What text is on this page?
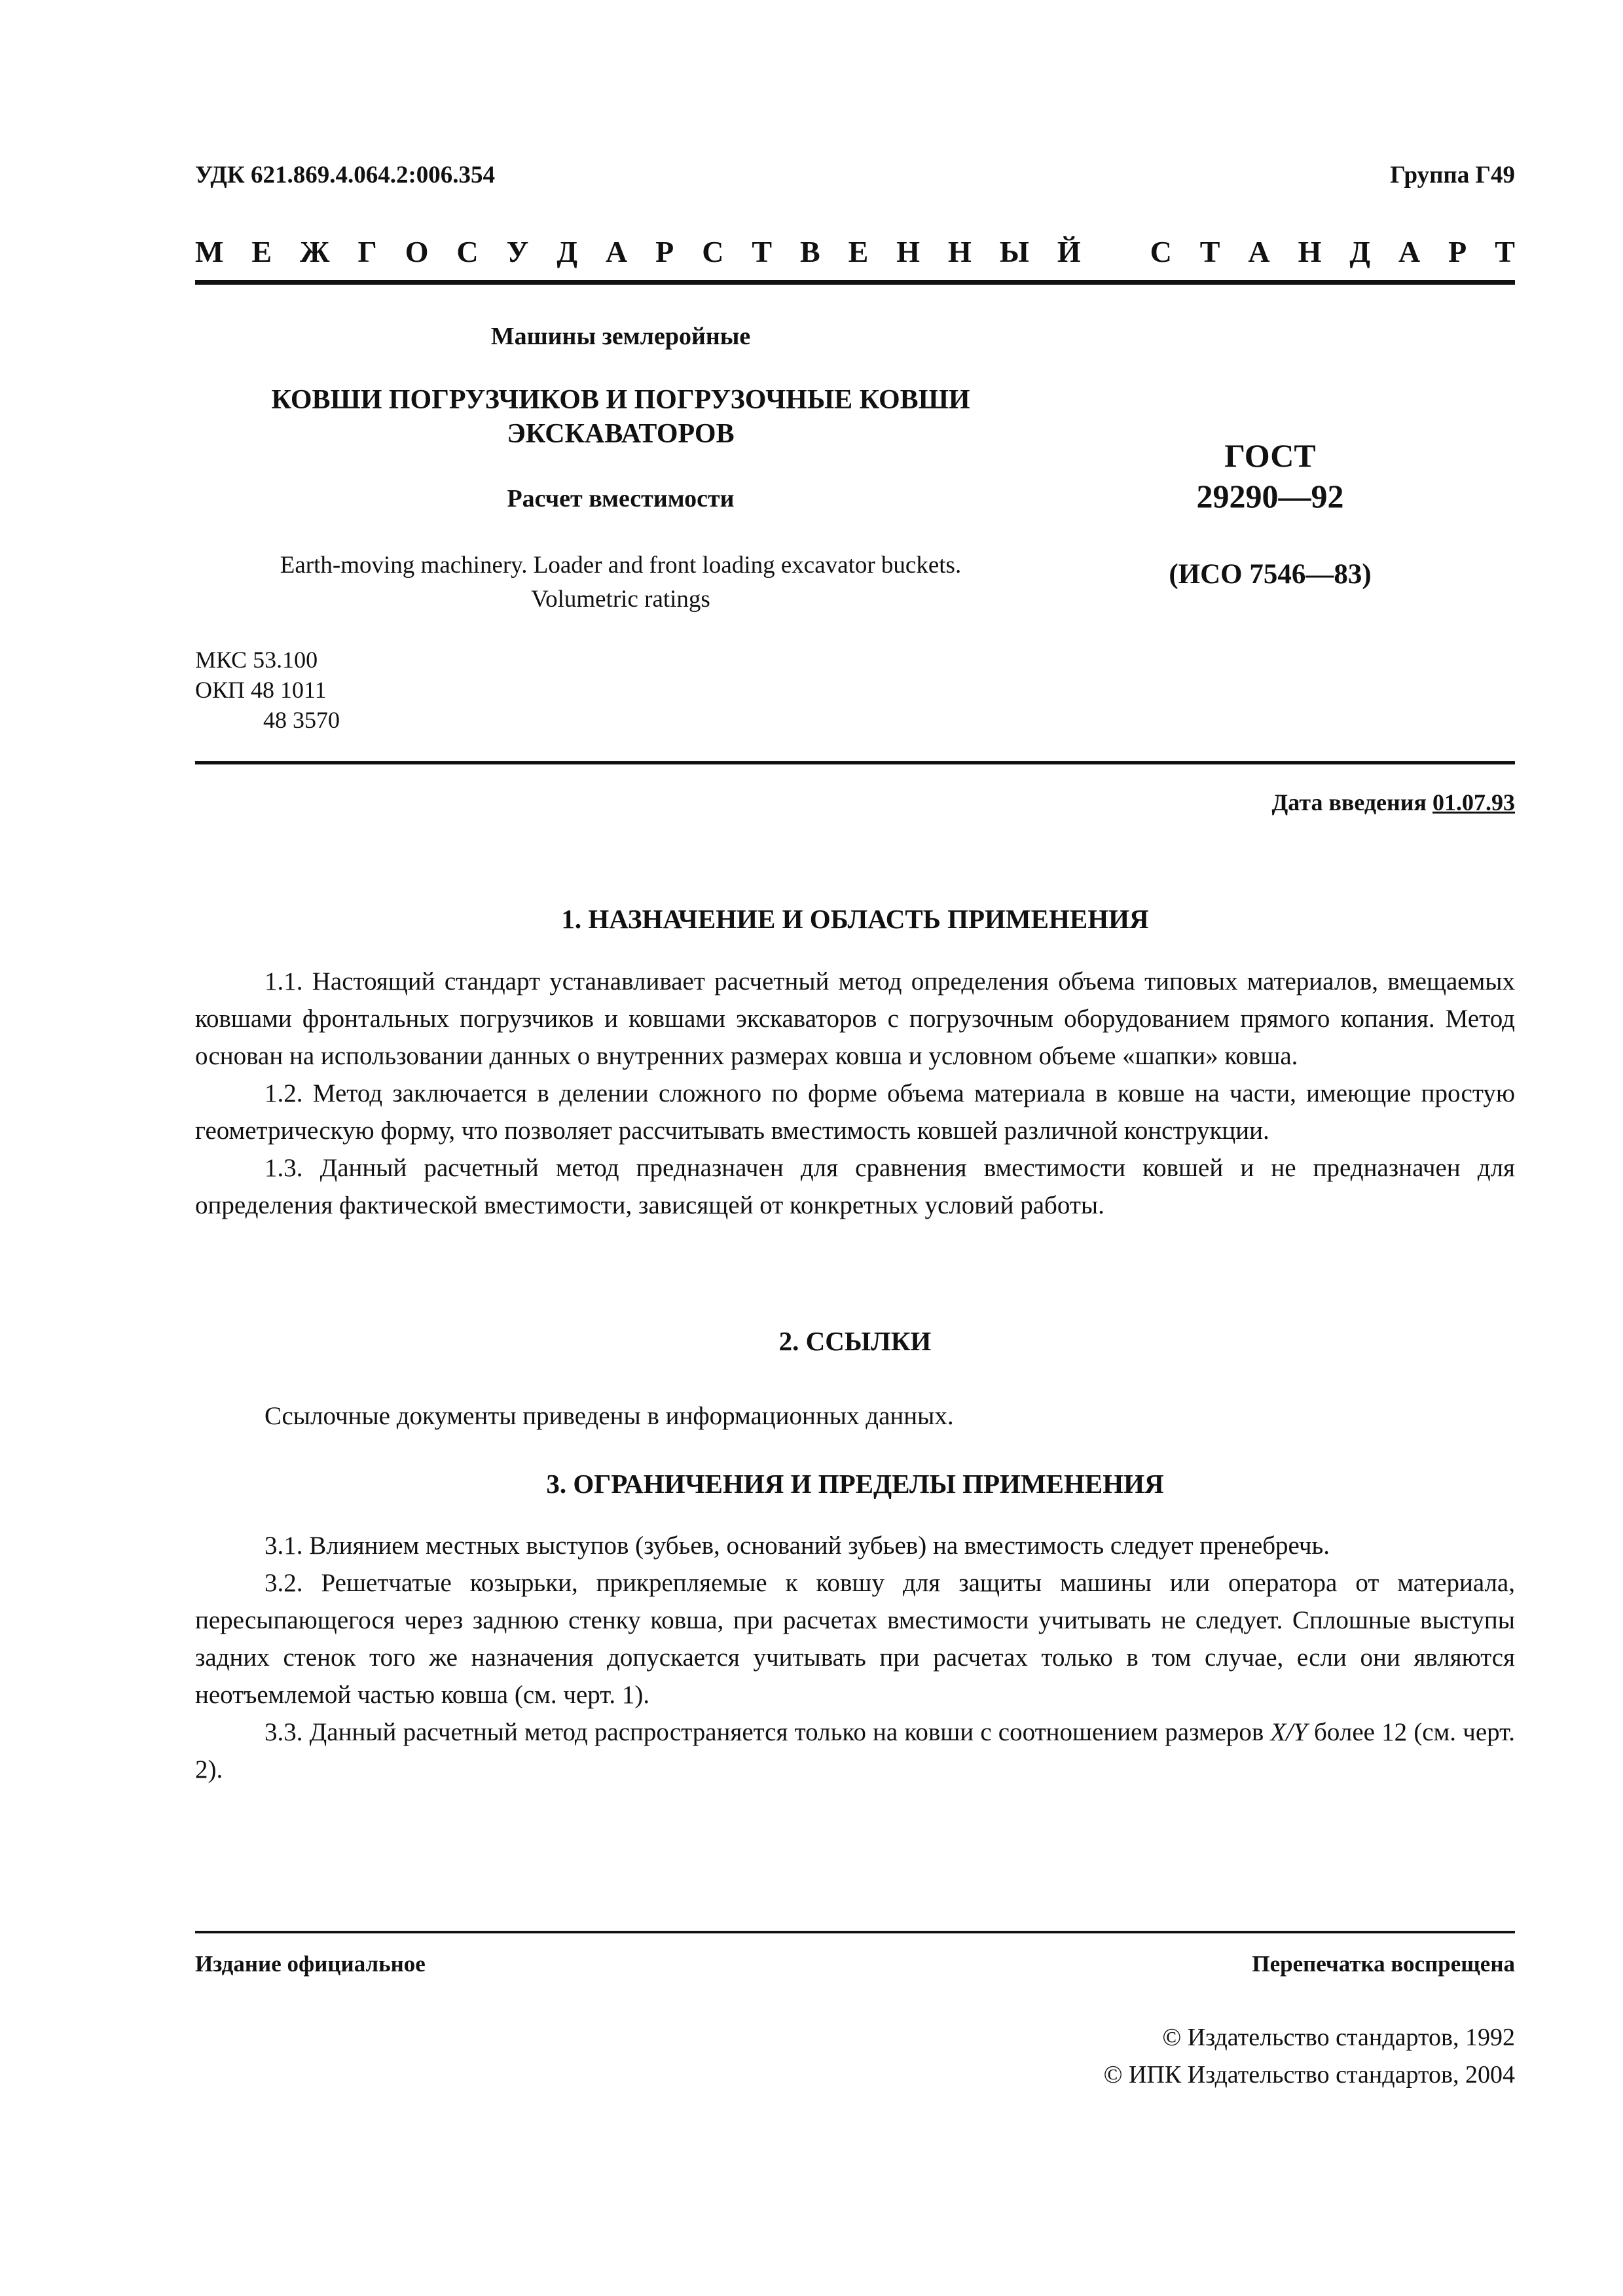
УДК 621.869.4.064.2:006.354	Группа Г49
М Е Ж Г О С У Д А Р С Т В Е Н Н Ы Й С Т А Н Д А Р Т
Машины землеройные
КОВШИ ПОГРУЗЧИКОВ И ПОГРУЗОЧНЫЕ КОВШИ
ЭКСКАВАТОРОВ
Расчет вместимости
Earth-moving machinery. Loader and front loading excavator buckets.
Volumetric ratings
ГОСТ
29290—92
(ИСО 7546—83)
МКС 53.100
ОКП 48 1011
48 3570
Дата введения 01.07.93
1. НАЗНАЧЕНИЕ И ОБЛАСТЬ ПРИМЕНЕНИЯ

1.1. Настоящий стандарт устанавливает расчетный метод определения объема типовых материалов, вмещаемых ковшами фронтальных погрузчиков и ковшами экскаваторов с погрузочным оборудованием прямого копания. Метод основан на использовании данных о внутренних размерах ковша и условном объеме «шапки» ковша.

1.2. Метод заключается в делении сложного по форме объема материала в ковше на части, имеющие простую геометрическую форму, что позволяет рассчитывать вместимость ковшей различной конструкции.

1.3. Данный расчетный метод предназначен для сравнения вместимости ковшей и не предназначен для определения фактической вместимости, зависящей от конкретных условий работы.

2. ССЫЛКИ

Ссылочные документы приведены в информационных данных.

3. ОГРАНИЧЕНИЯ И ПРЕДЕЛЫ ПРИМЕНЕНИЯ

3.1. Влиянием местных выступов (зубьев, оснований зубьев) на вместимость следует пренебречь.

3.2. Решетчатые козырьки, прикрепляемые к ковшу для защиты машины или оператора от материала, пересыпающегося через заднюю стенку ковша, при расчетах вместимости учитывать не следует. Сплошные выступы задних стенок того же назначения допускается учитывать при расчетах только в том случае, если они являются неотъемлемой частью ковша (см. черт. 1).

3.3. Данный расчетный метод распространяется только на ковши с соотношением размеров X/Y более 12 (см. черт. 2).

Издание официальное	Перепечатка воспрещена
© Издательство стандартов, 1992
© ИПК Издательство стандартов, 2004
